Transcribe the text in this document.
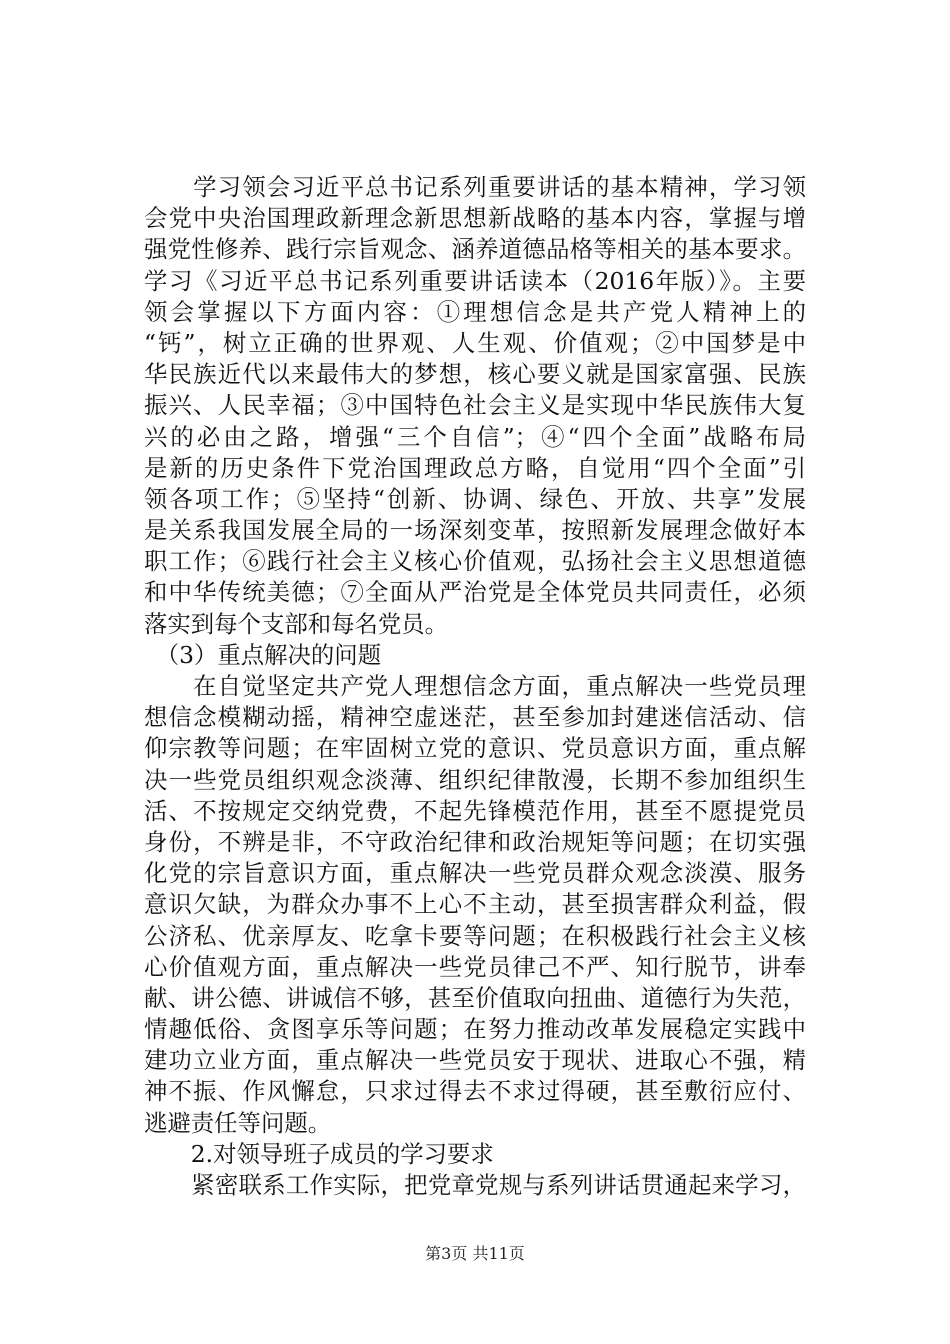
　　学习领会习近平总书记系列重要讲话的基本精神，学习领
会党中央治国理政新理念新思想新战略的基本内容，掌握与增
强党性修养、践行宗旨观念、涵养道德品格等相关的基本要求。
学习《习近平总书记系列重要讲话读本（2016年版）》。主要
领会掌握以下方面内容：①理想信念是共产党人精神上的
“钙”，树立正确的世界观、人生观、价值观；②中国梦是中
华民族近代以来最伟大的梦想，核心要义就是国家富强、民族
振兴、人民幸福；③中国特色社会主义是实现中华民族伟大复
兴的必由之路，增强“三个自信”；④“四个全面”战略布局
是新的历史条件下党治国理政总方略，自觉用“四个全面”引
领各项工作；⑤坚持“创新、协调、绿色、开放、共享”发展
是关系我国发展全局的一场深刻变革，按照新发展理念做好本
职工作；⑥践行社会主义核心价值观，弘扬社会主义思想道德
和中华传统美德；⑦全面从严治党是全体党员共同责任，必须
落实到每个支部和每名党员。
　（3）重点解决的问题
　　在自觉坚定共产党人理想信念方面，重点解决一些党员理
想信念模糊动摇，精神空虚迷茫，甚至参加封建迷信活动、信
仰宗教等问题；在牢固树立党的意识、党员意识方面，重点解
决一些党员组织观念淡薄、组织纪律散漫，长期不参加组织生
活、不按规定交纳党费，不起先锋模范作用，甚至不愿提党员
身份，不辨是非，不守政治纪律和政治规矩等问题；在切实强
化党的宗旨意识方面，重点解决一些党员群众观念淡漠、服务
意识欠缺，为群众办事不上心不主动，甚至损害群众利益，假
公济私、优亲厚友、吃拿卡要等问题；在积极践行社会主义核
心价值观方面，重点解决一些党员律己不严、知行脱节，讲奉
献、讲公德、讲诚信不够，甚至价值取向扭曲、道德行为失范，
情趣低俗、贪图享乐等问题；在努力推动改革发展稳定实践中
建功立业方面，重点解决一些党员安于现状、进取心不强，精
神不振、作风懈怠，只求过得去不求过得硬，甚至敷衍应付、
逃避责任等问题。
　　2.对领导班子成员的学习要求
　　紧密联系工作实际，把党章党规与系列讲话贯通起来学习，
第3页 共11页
